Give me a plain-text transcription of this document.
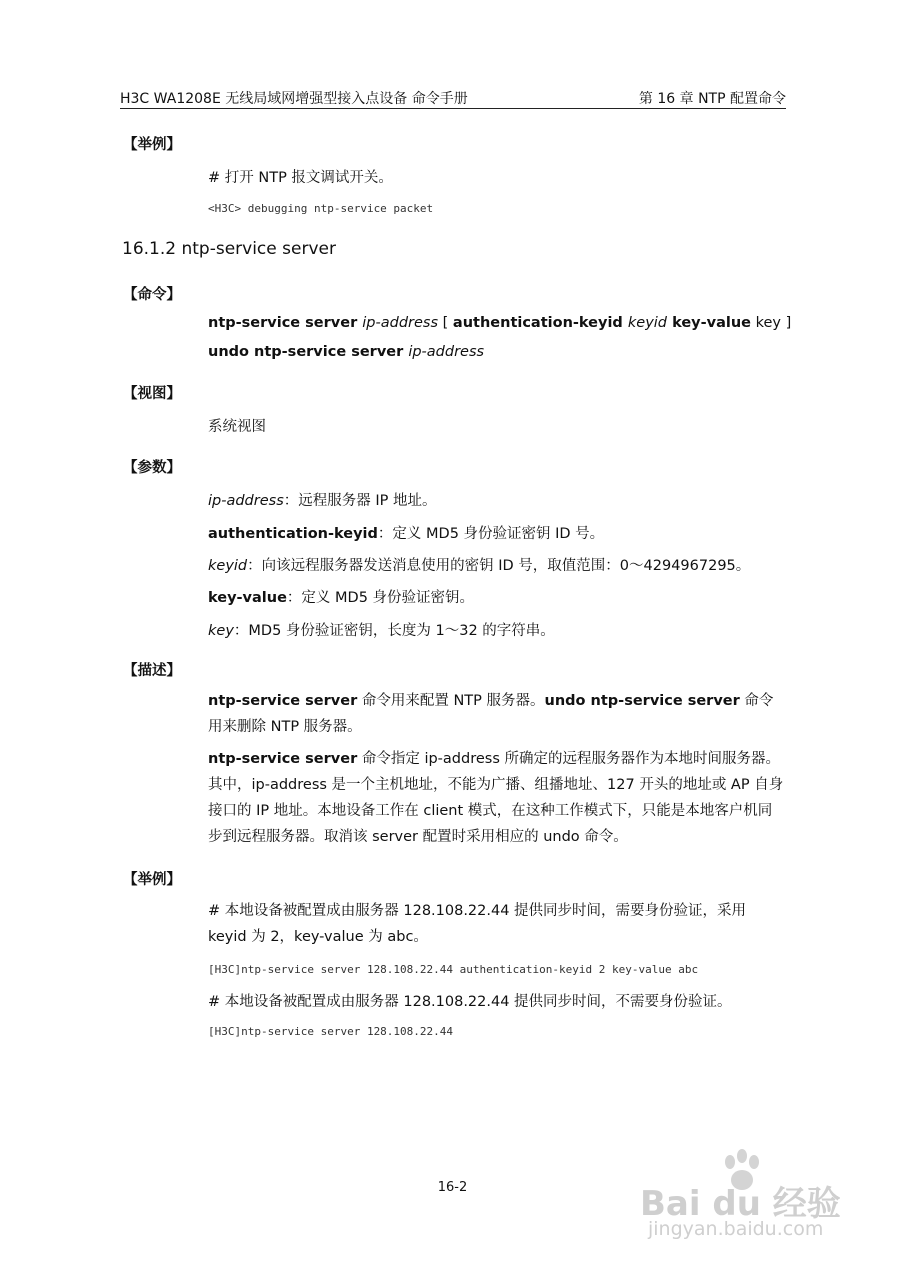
H3C WA1208E 无线局域网增强型接入点设备 命令手册	第 16 章 NTP 配置命令
【举例】
# 打开 NTP 报文调试开关。
<H3C> debugging ntp-service packet
16.1.2 ntp-service server
【命令】
ntp-service server ip-address [ authentication-keyid keyid key-value key ]
undo ntp-service server ip-address
【视图】
系统视图
【参数】
ip-address：远程服务器 IP 地址。
authentication-keyid：定义 MD5 身份验证密钥 ID 号。
keyid：向该远程服务器发送消息使用的密钥 ID 号，取值范围：0～4294967295。
key-value：定义 MD5 身份验证密钥。
key：MD5 身份验证密钥，长度为 1～32 的字符串。
【描述】
ntp-service server 命令用来配置 NTP 服务器。undo ntp-service server 命令用来删除 NTP 服务器。
ntp-service server 命令指定 ip-address 所确定的远程服务器作为本地时间服务器。其中，ip-address 是一个主机地址，不能为广播、组播地址、127 开头的地址或 AP 自身接口的 IP 地址。本地设备工作在 client 模式，在这种工作模式下，只能是本地客户机同步到远程服务器。取消该 server 配置时采用相应的 undo 命令。
【举例】
# 本地设备被配置成由服务器 128.108.22.44 提供同步时间，需要身份验证，采用 keyid 为 2，key-value 为 abc。
[H3C]ntp-service server 128.108.22.44 authentication-keyid 2 key-value abc
# 本地设备被配置成由服务器 128.108.22.44 提供同步时间，不需要身份验证。
[H3C]ntp-service server 128.108.22.44
16-2	Bai du 经验
jingyan.baidu.com
